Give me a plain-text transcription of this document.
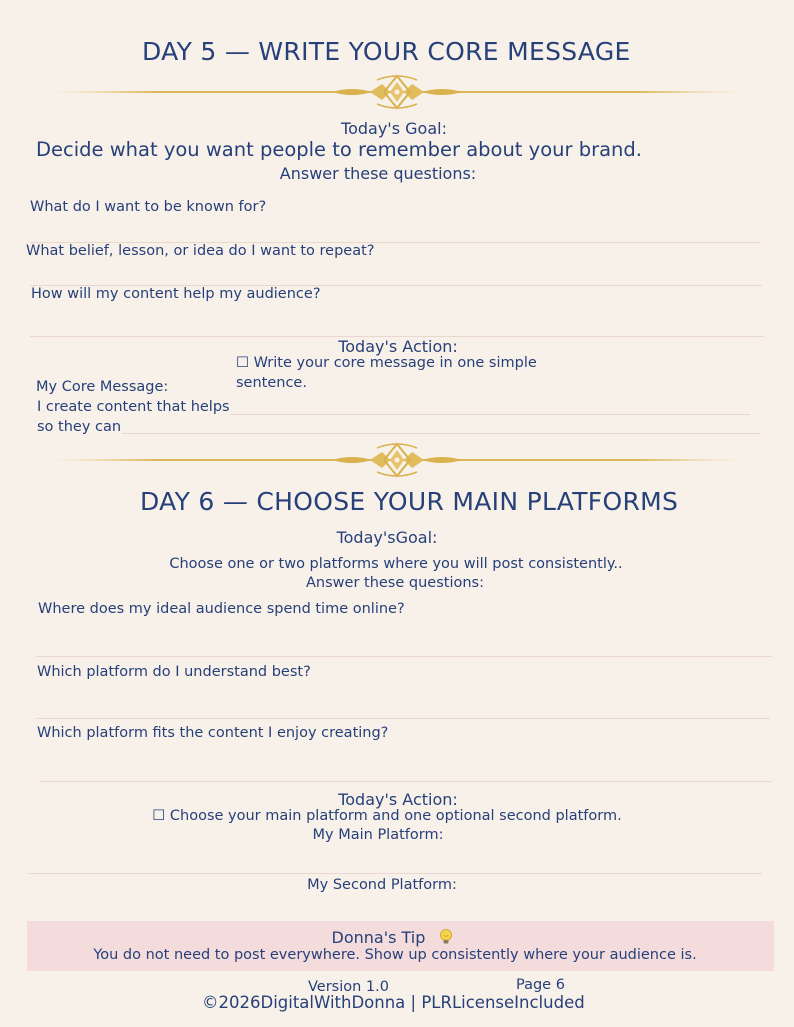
DAY 5 — WRITE YOUR CORE MESSAGE
Today's Goal:
Decide what you want people to remember about your brand.
Answer these questions:
What do I want to be known for?
What belief, lesson, or idea do I want to repeat?
How will my content help my audience?
Today's Action:
☐ Write your core message in one simple
sentence.
My Core Message:
I create content that helps
so they can
DAY 6 — CHOOSE YOUR MAIN PLATFORMS
Today'sGoal:
Choose one or two platforms where you will post consistently..
Answer these questions:
Where does my ideal audience spend time online?
Which platform do I understand best?
Which platform fits the content I enjoy creating?
Today's Action:
☐ Choose your main platform and one optional second platform.
My Main Platform:
My Second Platform:
Donna's Tip
You do not need to post everywhere. Show up consistently where your audience is.
Version 1.0	Page 6
©2026DigitalWithDonna | PLRLicenseIncluded
